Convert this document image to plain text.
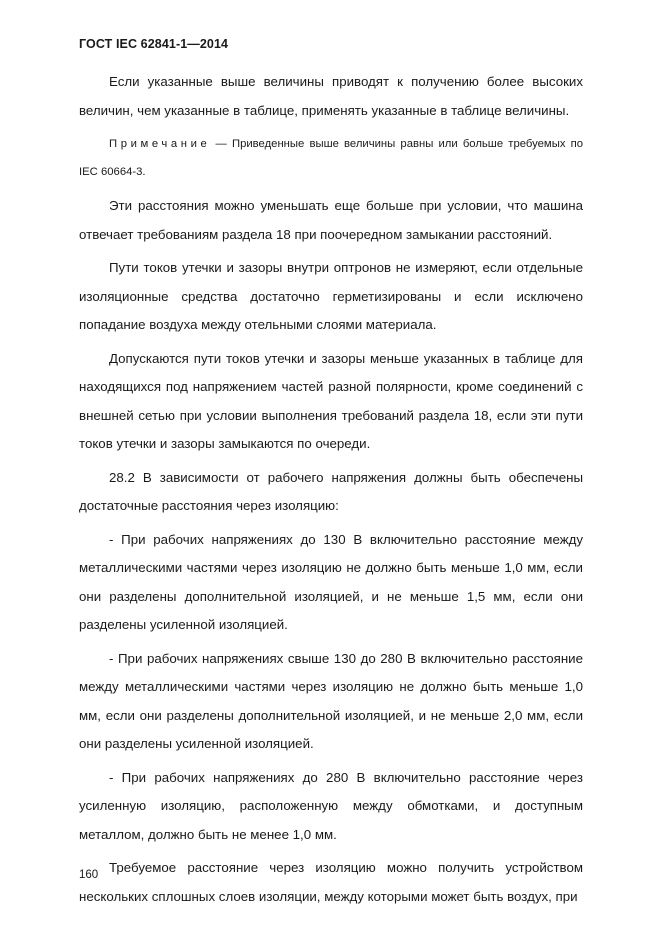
ГОСТ IEC 62841-1—2014

Если указанные выше величины приводят к получению более высоких величин, чем указанные в таблице, применять указанные в таблице величины.

Примечание — Приведенные выше величины равны или больше требуемых по IEC 60664-3.

Эти расстояния можно уменьшать еще больше при условии, что машина отвечает требованиям раздела 18 при поочередном замыкании расстояний.

Пути токов утечки и зазоры внутри оптронов не измеряют, если отдельные изоляционные средства достаточно герметизированы и если исключено попадание воздуха между отельными слоями материала.

Допускаются пути токов утечки и зазоры меньше указанных в таблице для находящихся под напряжением частей разной полярности, кроме соединений с внешней сетью при условии выполнения требований раздела 18, если эти пути токов утечки и зазоры замыкаются по очереди.

28.2 В зависимости от рабочего напряжения должны быть обеспечены достаточные расстояния через изоляцию:

- При рабочих напряжениях до 130 В включительно расстояние между металлическими частями через изоляцию не должно быть меньше 1,0 мм, если они разделены дополнительной изоляцией, и не меньше 1,5 мм, если они разделены усиленной изоляцией.

- При рабочих напряжениях свыше 130 до 280 В включительно расстояние между металлическими частями через изоляцию не должно быть меньше 1,0 мм, если они разделены дополнительной изоляцией, и не меньше 2,0 мм, если они разделены усиленной изоляцией.

- При рабочих напряжениях до 280 В включительно расстояние через усиленную изоляцию, расположенную между обмотками, и доступным металлом, должно быть не менее 1,0 мм.

Требуемое расстояние через изоляцию можно получить устройством нескольких сплошных слоев изоляции, между которыми может быть воздух, при

160
